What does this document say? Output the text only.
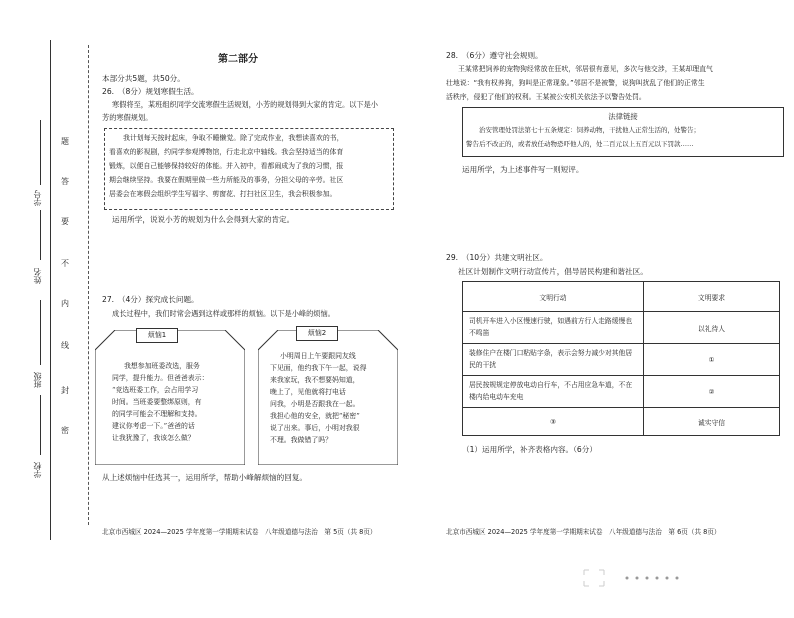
学校
班级
姓名
学号
密
封
线
内
不
要
答
题
第二部分
本部分共5题，共50分。
26.　（8分）规划寒假生活。
寒假将至，某班组织同学交流寒假生活规划，小芳的规划得到大家的肯定。以下是小
芳的寒假规划。
我计划每天按时起床，争取不睡懒觉。除了完成作业，我想读喜欢的书，
看喜欢的影视剧，约同学参观博物馆，行走北京中轴线。我会坚持适当的体育
锻炼，以便自己能够保持较好的体能。并入初中，看都闹成为了我的习惯，报
期会继续坚持。我要在假期里做一些力所能及的事务，分担父母的辛劳。社区
居委会在寒假会组织学生写福字、剪窗花、打扫社区卫生，我会积极参加。
运用所学，说说小芳的规划为什么会得到大家的肯定。
27.　（4分）探究成长问题。
成长过程中，我们时常会遇到这样或那样的烦恼。以下是小峰的烦恼。
烦恼1
我想参加班委改选，服务
同学，提升能力。但爸爸表示：
“竞选班委工作，会占用学习
时间。当班委要整绑原则，有
的同学可能会不理解和支持。
建议你考虑一下。”爸爸的话
让我犹豫了，我该怎么做？
烦恼2
小明周日上午要跟同友线
下见面，他约我下午一起，说得
来我家玩，我不想要妈知道，
晚上了，见他就将打电话
问我，小明是否跟我在一起。
我担心他的安全，就把“秘密”
说了出来。事后，小明对我很
不理。我做错了吗？
从上述烦恼中任选其一，运用所学，帮助小峰解烦恼的回复。
北京市西城区 2024—2025 学年度第一学期期末试卷　八年级道德与法治　第 5页（共 8页）
28.　（6分）遵守社会规则。
王某常把饲养的宠物狗经常放在狂吠，邻居很有意见，多次与他交涉，王某却理直气
壮地说：“我有权养狗，狗叫是正常现象。”邻居不是被警，说狗叫扰乱了他们的正常生
活秩序，侵犯了他们的权利。王某被公安机关依法予以警告处罚。
法律链接
治安管理处罚法第七十五条规定：饲养动物，干扰他人正常生活的，处警告；
警告后不改正的，或者放任动物恐吓他人的，处二百元以上五百元以下罚款……
运用所学，为上述事件写一则短评。
29.　（10分）共建文明社区。
社区计划制作文明行动宣传片，倡导居民构建和谐社区。
文明行动	文明要求
司机开车进入小区慢速行驶，如遇前方行人走路缓慢也不鸣笛	以礼待人
装修住户在楼门口粘贴字条，表示会努力减少对其他居民的干扰	①
居民按规规定停放电动自行车，不占用应急车道，不在楼内给电动车充电	②
③	诚实守信
（1）运用所学，补齐表格内容。（6分）
北京市西城区 2024—2025 学年度第一学期期末试卷　八年级道德与法治　第 6页（共 8页）
